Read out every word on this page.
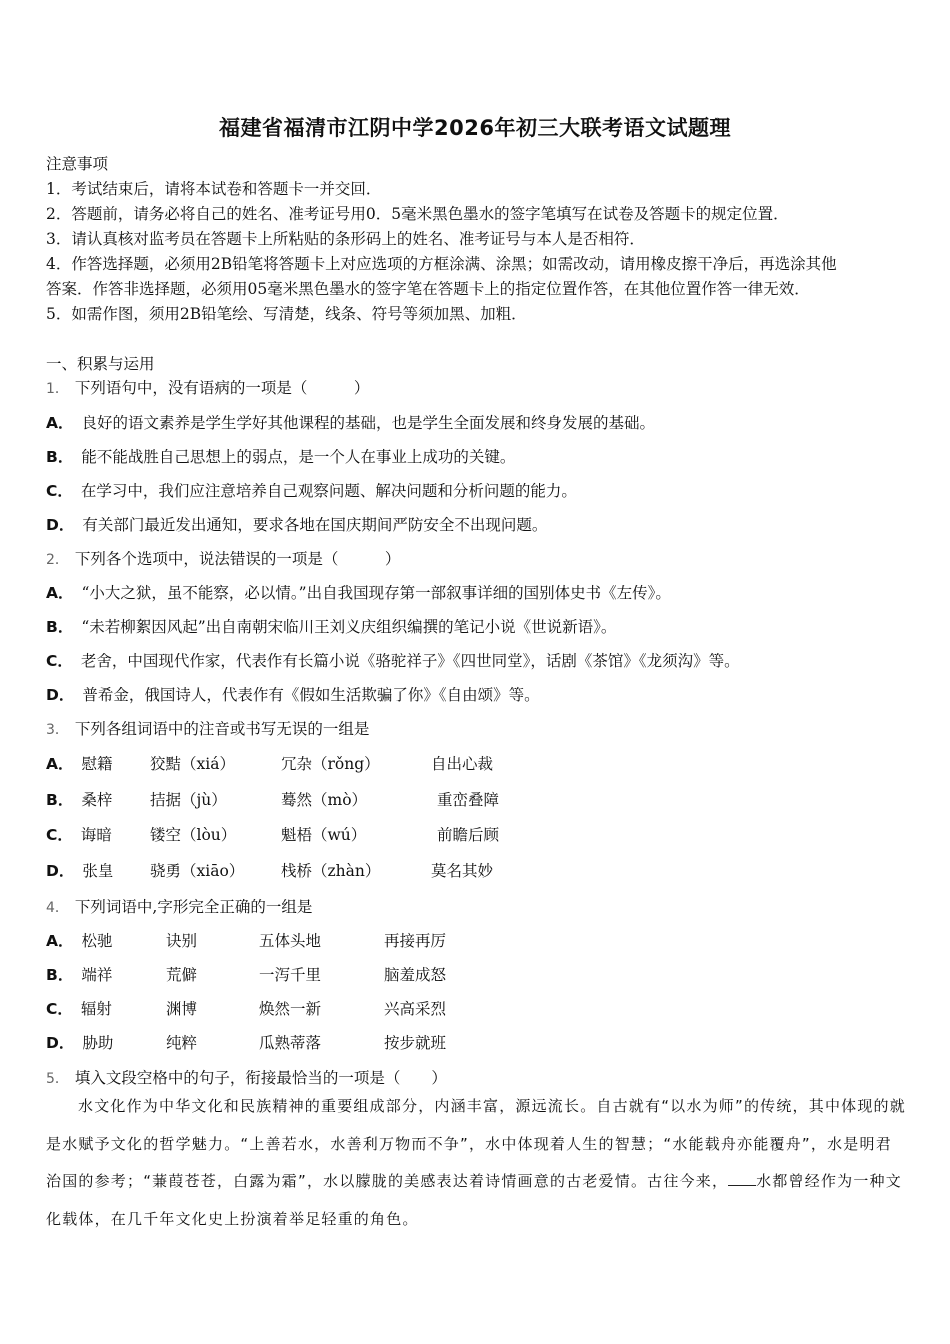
福建省福清市江阴中学2026年初三大联考语文试题理
注意事项
1．考试结束后，请将本试卷和答题卡一并交回．
2．答题前，请务必将自己的姓名、准考证号用0．5毫米黑色墨水的签字笔填写在试卷及答题卡的规定位置．
3．请认真核对监考员在答题卡上所粘贴的条形码上的姓名、准考证号与本人是否相符．
4．作答选择题，必须用2B铅笔将答题卡上对应选项的方框涂满、涂黑；如需改动，请用橡皮擦干净后，再选涂其他
答案．作答非选择题，必须用05毫米黑色墨水的签字笔在答题卡上的指定位置作答，在其他位置作答一律无效．
5．如需作图，须用2B铅笔绘、写清楚，线条、符号等须加黑、加粗．
一、积累与运用
1． 下列语句中，没有语病的一项是（　　　）
A． 良好的语文素养是学生学好其他课程的基础，也是学生全面发展和终身发展的基础。
B． 能不能战胜自己思想上的弱点，是一个人在事业上成功的关键。
C． 在学习中，我们应注意培养自己观察问题、解决问题和分析问题的能力。
D． 有关部门最近发出通知，要求各地在国庆期间严防安全不出现问题。
2． 下列各个选项中，说法错误的一项是（　　　）
A． “小大之狱，虽不能察，必以情。”出自我国现存第一部叙事详细的国别体史书《左传》。
B． “未若柳絮因风起”出自南朝宋临川王刘义庆组织编撰的笔记小说《世说新语》。
C． 老舍，中国现代作家，代表作有长篇小说《骆驼祥子》《四世同堂》，话剧《茶馆》《龙须沟》等。
D． 普希金，俄国诗人，代表作有《假如生活欺骗了你》《自由颂》等。
3． 下列各组词语中的注音或书写无误的一组是
A． 慰籍 狡黠（xiá）	冗杂（rǒng）	自出心裁
B． 桑梓 拮据（jù）	蓦然（mò）	重峦叠障
C． 诲暗 镂空（lòu）	魁梧（wú）	前瞻后顾
D． 张皇 骁勇（xiāo） 栈桥（zhàn）	莫名其妙
4． 下列词语中,字形完全正确的一组是
A． 松驰	诀别	五体头地	再接再厉
B． 端祥	荒僻	一泻千里	脑羞成怒
C． 辐射	渊博	焕然一新	兴高采烈
D． 胁助	纯粹	瓜熟蒂落	按步就班
5． 填入文段空格中的句子，衔接最恰当的一项是（　　）
水文化作为中华文化和民族精神的重要组成部分，内涵丰富，源远流长。自古就有“以水为师”的传统，其中体现的就是水赋予文化的哲学魅力。“上善若水，水善利万物而不争”，水中体现着人生的智慧；“水能载舟亦能覆舟”，水是明君治国的参考；“蒹葭苍苍，白露为霜”，水以朦胧的美感表达着诗情画意的古老爱情。古往今来， 水都曾经作为一种文化载体，在几千年文化史上扮演着举足轻重的角色。
